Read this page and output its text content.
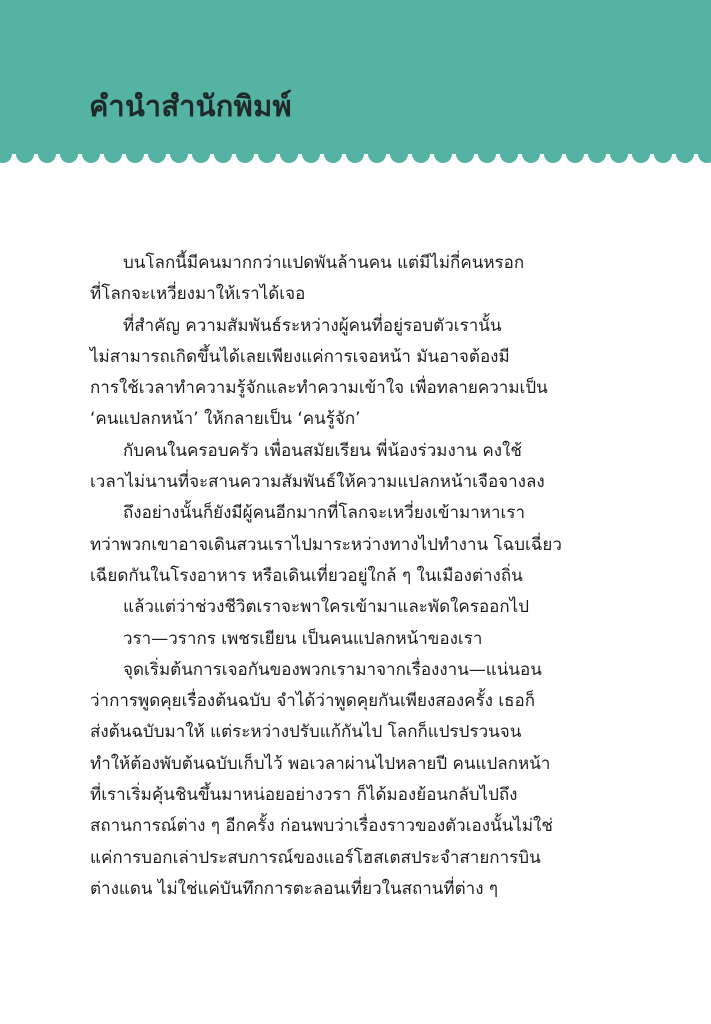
คำนำสำนักพิมพ์
บนโลกนี้มีคนมากกว่าแปดพันล้านคน แต่มีไม่กี่คนหรอก
ที่โลกจะเหวี่ยงมาให้เราได้เจอ
ที่สำคัญ ความสัมพันธ์ระหว่างผู้คนที่อยู่รอบตัวเรานั้น
ไม่สามารถเกิดขึ้นได้เลยเพียงแค่การเจอหน้า มันอาจต้องมี
การใช้เวลาทำความรู้จักและทำความเข้าใจ เพื่อทลายความเป็น
‘คนแปลกหน้า’ ให้กลายเป็น ‘คนรู้จัก’
กับคนในครอบครัว เพื่อนสมัยเรียน พี่น้องร่วมงาน คงใช้
เวลาไม่นานที่จะสานความสัมพันธ์ให้ความแปลกหน้าเจือจางลง
ถึงอย่างนั้นก็ยังมีผู้คนอีกมากที่โลกจะเหวี่ยงเข้ามาหาเรา
ทว่าพวกเขาอาจเดินสวนเราไปมาระหว่างทางไปทำงาน โฉบเฉี่ยว
เฉียดกันในโรงอาหาร หรือเดินเที่ยวอยู่ใกล้ ๆ ในเมืองต่างถิ่น
แล้วแต่ว่าช่วงชีวิตเราจะพาใครเข้ามาและพัดใครออกไป
วรา—วรากร เพชรเยียน เป็นคนแปลกหน้าของเรา
จุดเริ่มต้นการเจอกันของพวกเรามาจากเรื่องงาน—แน่นอน
ว่าการพูดคุยเรื่องต้นฉบับ จำได้ว่าพูดคุยกันเพียงสองครั้ง เธอก็
ส่งต้นฉบับมาให้ แต่ระหว่างปรับแก้กันไป โลกก็แปรปรวนจน
ทำให้ต้องพับต้นฉบับเก็บไว้ พอเวลาผ่านไปหลายปี คนแปลกหน้า
ที่เราเริ่มคุ้นชินขึ้นมาหน่อยอย่างวรา ก็ได้มองย้อนกลับไปถึง
สถานการณ์ต่าง ๆ อีกครั้ง ก่อนพบว่าเรื่องราวของตัวเองนั้นไม่ใช่
แค่การบอกเล่าประสบการณ์ของแอร์โฮสเตสประจำสายการบิน
ต่างแดน ไม่ใช่แค่บันทึกการตะลอนเที่ยวในสถานที่ต่าง ๆ
